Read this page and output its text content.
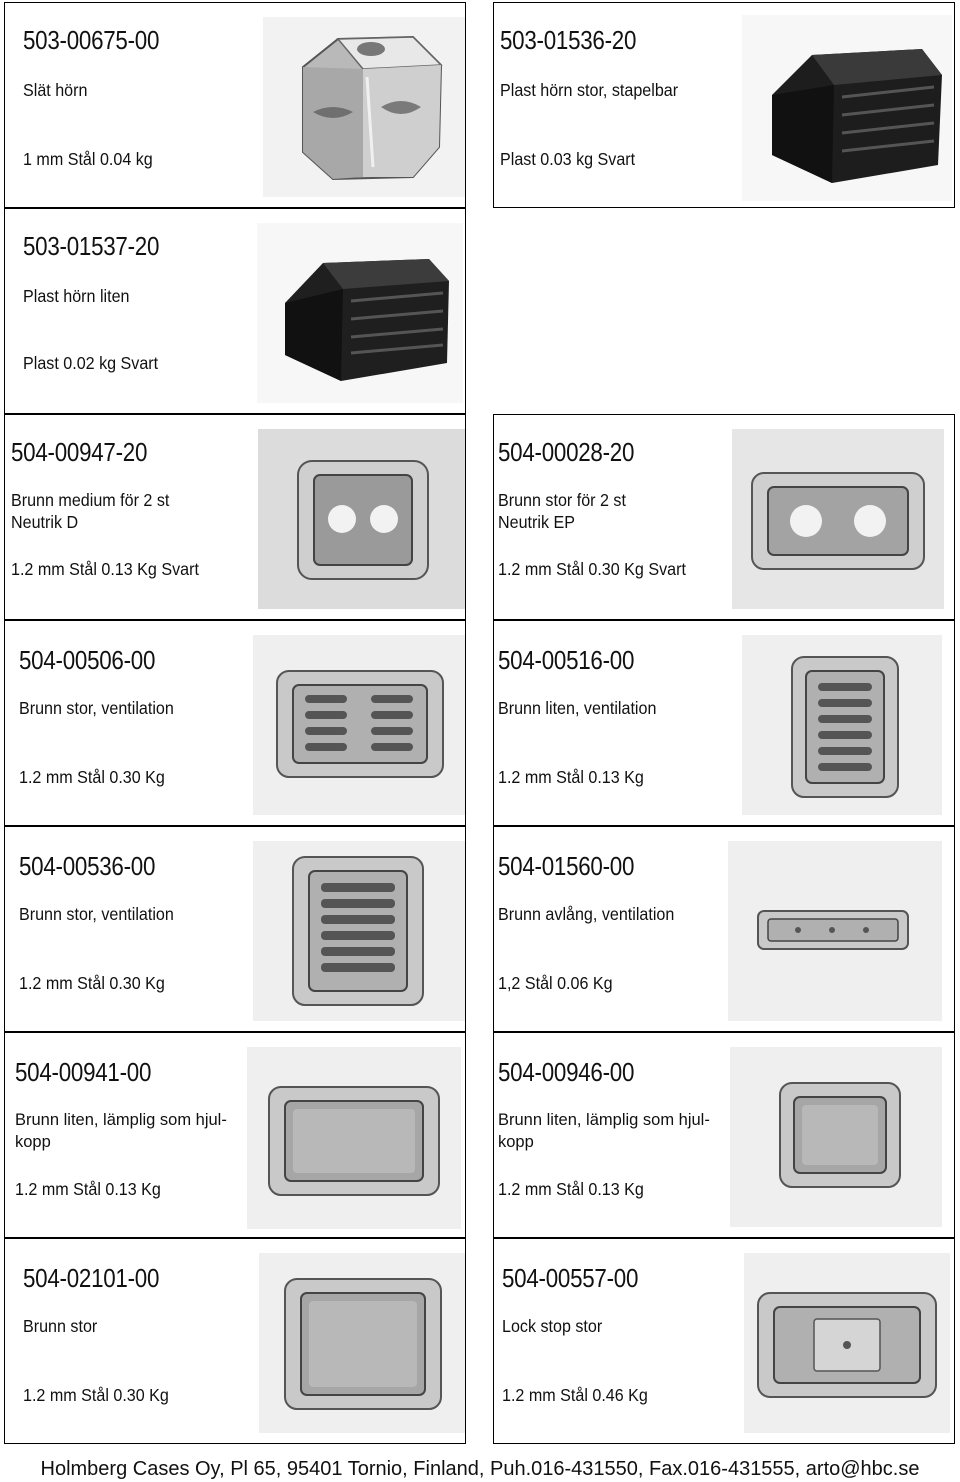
503-00675-00
Slät hörn
1 mm Stål 0.04 kg
503-01536-20
Plast hörn stor, stapelbar
Plast 0.03 kg Svart
503-01537-20
Plast hörn liten
Plast 0.02 kg Svart
504-00947-20
Brunn medium för 2 st
Neutrik D
1.2 mm Stål 0.13 Kg Svart
504-00028-20
Brunn stor för 2 st
Neutrik EP
1.2 mm Stål 0.30 Kg Svart
504-00506-00
Brunn stor, ventilation
1.2 mm Stål 0.30 Kg
504-00516-00
Brunn liten, ventilation
1.2 mm Stål 0.13 Kg
504-00536-00
Brunn stor, ventilation
1.2 mm Stål 0.30 Kg
504-01560-00
Brunn avlång, ventilation
1,2 Stål 0.06 Kg
504-00941-00
Brunn liten, lämplig som hjul-kopp
1.2 mm Stål 0.13 Kg
504-00946-00
Brunn liten, lämplig som hjul-kopp
1.2 mm Stål 0.13 Kg
504-02101-00
Brunn stor
1.2 mm Stål 0.30 Kg
504-00557-00
Lock stop stor
1.2 mm Stål 0.46 Kg
Holmberg Cases Oy, Pl 65, 95401 Tornio, Finland, Puh.016-431550, Fax.016-431555, arto@hbc.se
